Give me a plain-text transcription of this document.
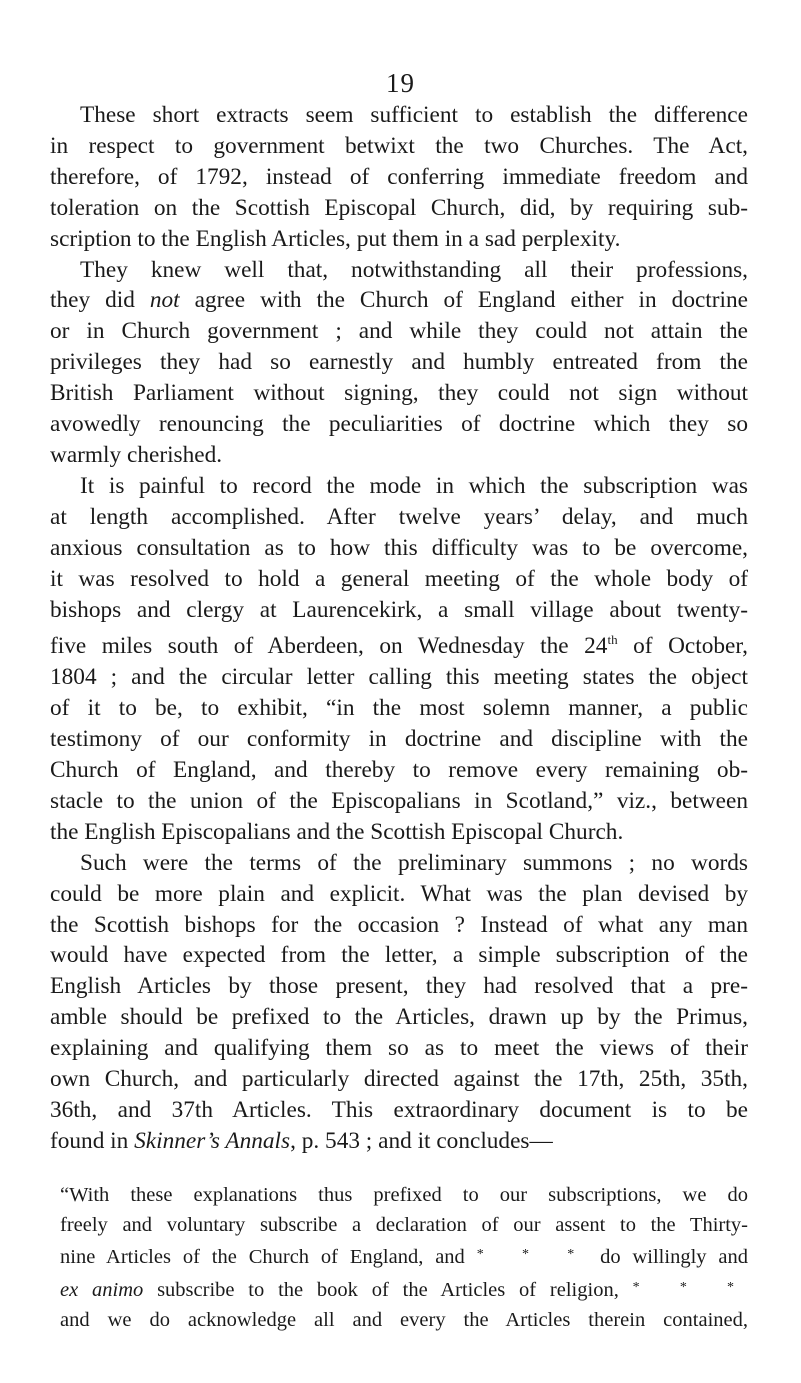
19
These short extracts seem sufficient to establish the difference
in respect to government betwixt the two Churches. The Act,
therefore, of 1792, instead of conferring immediate freedom and
toleration on the Scottish Episcopal Church, did, by requiring sub-
scription to the English Articles, put them in a sad perplexity.
They knew well that, notwithstanding all their professions,
they did not agree with the Church of England either in doctrine
or in Church government ; and while they could not attain the
privileges they had so earnestly and humbly entreated from the
British Parliament without signing, they could not sign without
avowedly renouncing the peculiarities of doctrine which they so
warmly cherished.
It is painful to record the mode in which the subscription was
at length accomplished. After twelve years’ delay, and much
anxious consultation as to how this difficulty was to be overcome,
it was resolved to hold a general meeting of the whole body of
bishops and clergy at Laurencekirk, a small village about twenty-
five miles south of Aberdeen, on Wednesday the 24th of October,
1804 ; and the circular letter calling this meeting states the object
of it to be, to exhibit, “in the most solemn manner, a public
testimony of our conformity in doctrine and discipline with the
Church of England, and thereby to remove every remaining ob-
stacle to the union of the Episcopalians in Scotland,” viz., between
the English Episcopalians and the Scottish Episcopal Church.
Such were the terms of the preliminary summons ; no words
could be more plain and explicit. What was the plan devised by
the Scottish bishops for the occasion ? Instead of what any man
would have expected from the letter, a simple subscription of the
English Articles by those present, they had resolved that a pre-
amble should be prefixed to the Articles, drawn up by the Primus,
explaining and qualifying them so as to meet the views of their
own Church, and particularly directed against the 17th, 25th, 35th,
36th, and 37th Articles. This extraordinary document is to be
found in Skinner’s Annals, p. 543 ; and it concludes—
“With these explanations thus prefixed to our subscriptions, we do
freely and voluntary subscribe a declaration of our assent to the Thirty-
nine Articles of the Church of England, and * * * do willingly and
ex animo subscribe to the book of the Articles of religion, * * *
and we do acknowledge all and every the Articles therein contained,
